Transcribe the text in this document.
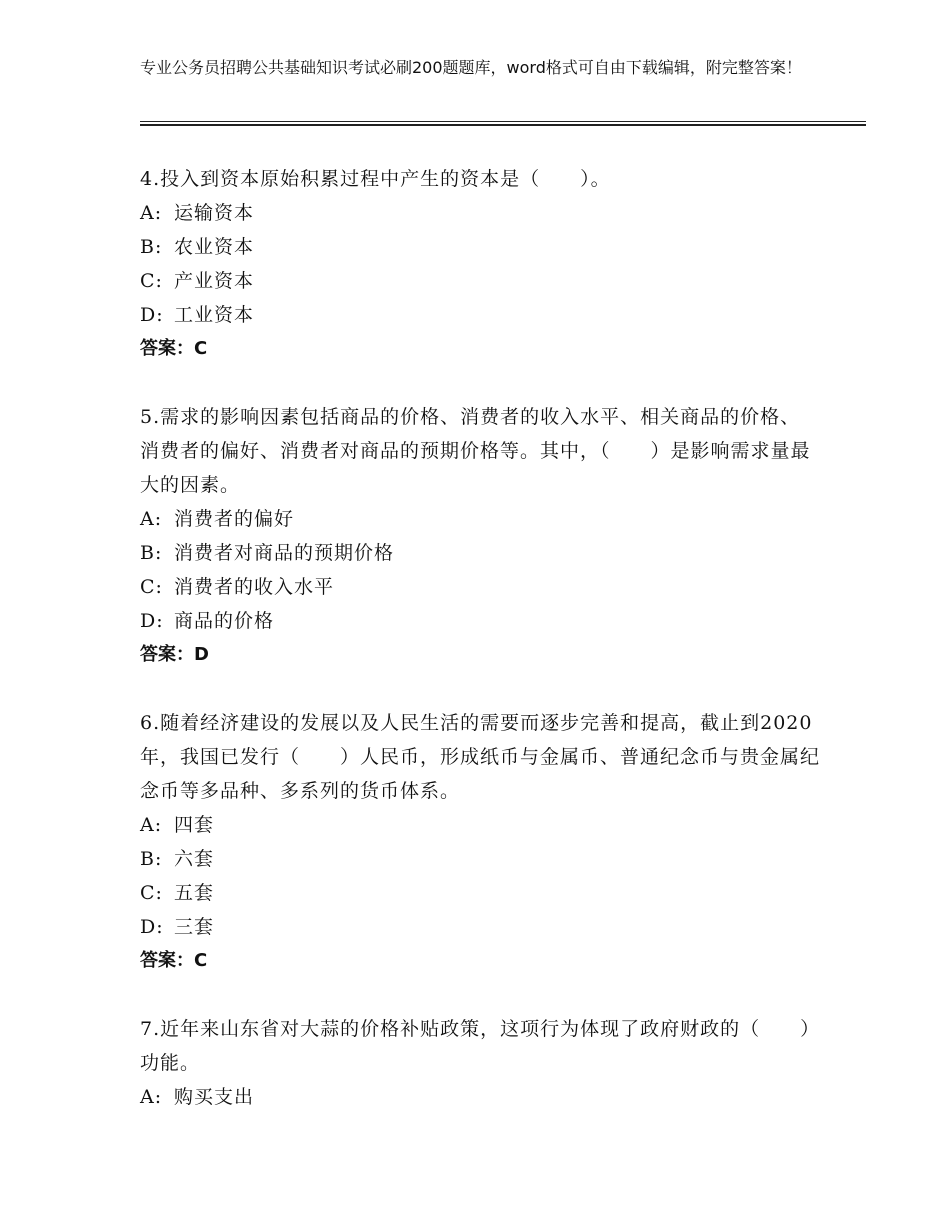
专业公务员招聘公共基础知识考试必刷200题题库，word格式可自由下载编辑，附完整答案！
4.投入到资本原始积累过程中产生的资本是（　　）。
A: 运输资本
B: 农业资本
C: 产业资本
D: 工业资本
答案：C
5.需求的影响因素包括商品的价格、消费者的收入水平、相关商品的价格、消费者的偏好、消费者对商品的预期价格等。其中，（　　）是影响需求量最大的因素。
A: 消费者的偏好
B: 消费者对商品的预期价格
C: 消费者的收入水平
D: 商品的价格
答案：D
6.随着经济建设的发展以及人民生活的需要而逐步完善和提高，截止到2020年，我国已发行（　　）人民币，形成纸币与金属币、普通纪念币与贵金属纪念币等多品种、多系列的货币体系。
A: 四套
B: 六套
C: 五套
D: 三套
答案：C
7.近年来山东省对大蒜的价格补贴政策，这项行为体现了政府财政的（　　）功能。
A: 购买支出
